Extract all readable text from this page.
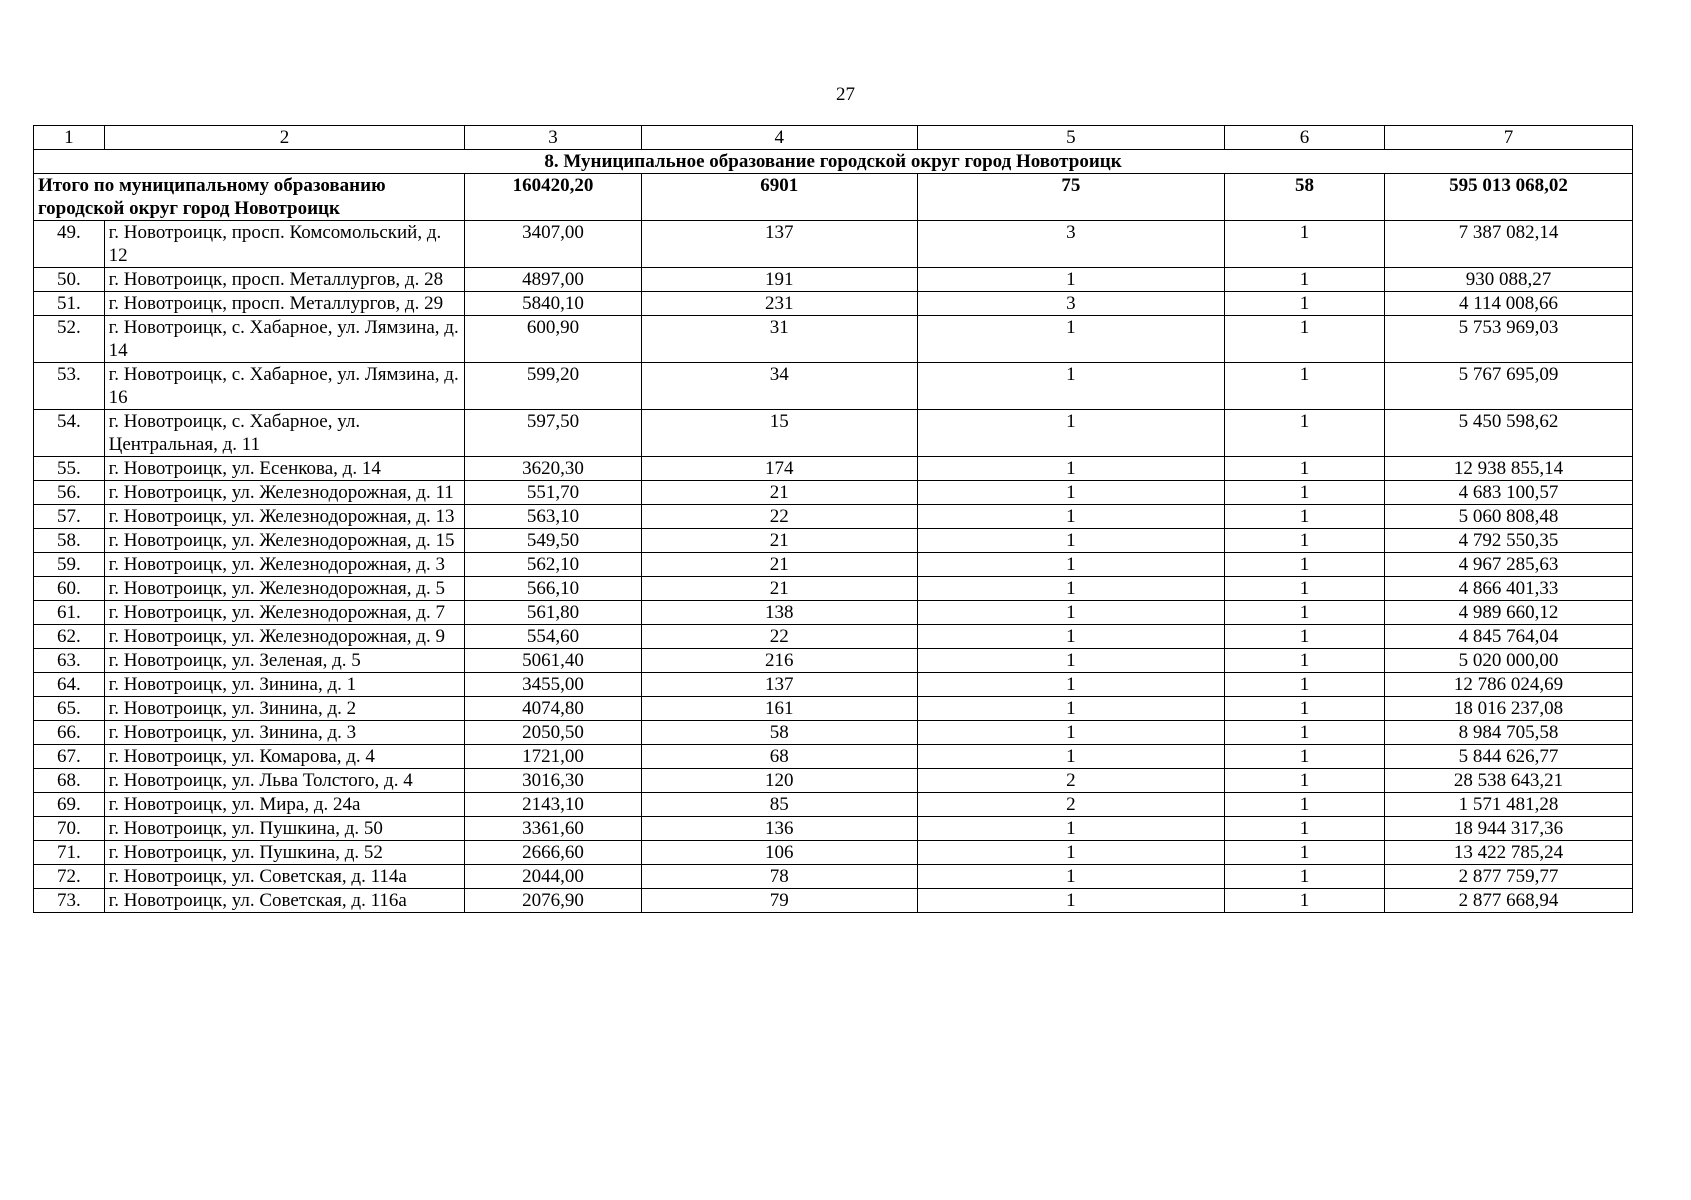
27
1	2	3	4	5	6	7
8. Муниципальное образование городской округ город Новотроицк						
Итого по муниципальному образованию городской округ город Новотроицк		160420,20	6901	75	58	595 013 068,02
49.	г. Новотроицк, просп. Комсомольский, д. 12	3407,00	137	3	1	7 387 082,14
50.	г. Новотроицк, просп. Металлургов, д. 28	4897,00	191	1	1	930 088,27
51.	г. Новотроицк, просп. Металлургов, д. 29	5840,10	231	3	1	4 114 008,66
52.	г. Новотроицк, с. Хабарное, ул. Лямзина, д. 14	600,90	31	1	1	5 753 969,03
53.	г. Новотроицк, с. Хабарное, ул. Лямзина, д. 16	599,20	34	1	1	5 767 695,09
54.	г. Новотроицк, с. Хабарное, ул. Центральная, д. 11	597,50	15	1	1	5 450 598,62
55.	г. Новотроицк, ул. Есенкова, д. 14	3620,30	174	1	1	12 938 855,14
56.	г. Новотроицк, ул. Железнодорожная, д. 11	551,70	21	1	1	4 683 100,57
57.	г. Новотроицк, ул. Железнодорожная, д. 13	563,10	22	1	1	5 060 808,48
58.	г. Новотроицк, ул. Железнодорожная, д. 15	549,50	21	1	1	4 792 550,35
59.	г. Новотроицк, ул. Железнодорожная, д. 3	562,10	21	1	1	4 967 285,63
60.	г. Новотроицк, ул. Железнодорожная, д. 5	566,10	21	1	1	4 866 401,33
61.	г. Новотроицк, ул. Железнодорожная, д. 7	561,80	138	1	1	4 989 660,12
62.	г. Новотроицк, ул. Железнодорожная, д. 9	554,60	22	1	1	4 845 764,04
63.	г. Новотроицк, ул. Зеленая, д. 5	5061,40	216	1	1	5 020 000,00
64.	г. Новотроицк, ул. Зинина, д. 1	3455,00	137	1	1	12 786 024,69
65.	г. Новотроицк, ул. Зинина, д. 2	4074,80	161	1	1	18 016 237,08
66.	г. Новотроицк, ул. Зинина, д. 3	2050,50	58	1	1	8 984 705,58
67.	г. Новотроицк, ул. Комарова, д. 4	1721,00	68	1	1	5 844 626,77
68.	г. Новотроицк, ул. Льва Толстого, д. 4	3016,30	120	2	1	28 538 643,21
69.	г. Новотроицк, ул. Мира, д. 24а	2143,10	85	2	1	1 571 481,28
70.	г. Новотроицк, ул. Пушкина, д. 50	3361,60	136	1	1	18 944 317,36
71.	г. Новотроицк, ул. Пушкина, д. 52	2666,60	106	1	1	13 422 785,24
72.	г. Новотроицк, ул. Советская, д. 114а	2044,00	78	1	1	2 877 759,77
73.	г. Новотроицк, ул. Советская, д. 116а	2076,90	79	1	1	2 877 668,94
